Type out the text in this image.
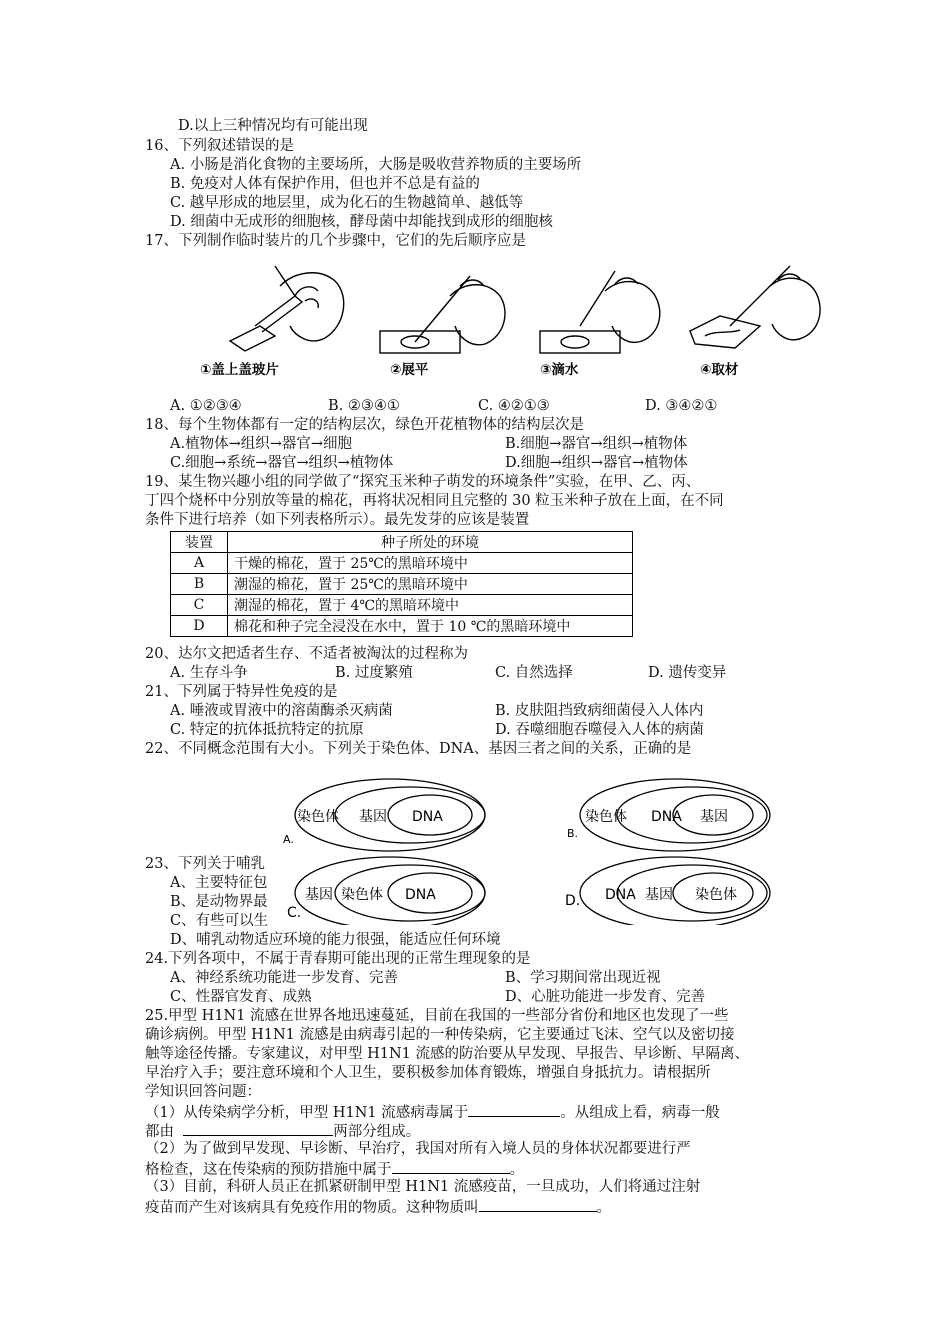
D.以上三种情况均有可能出现
16、下列叙述错误的是
A. 小肠是消化食物的主要场所，大肠是吸收营养物质的主要场所
B. 免疫对人体有保护作用，但也并不总是有益的
C. 越早形成的地层里，成为化石的生物越简单、越低等
D. 细菌中无成形的细胞核，酵母菌中却能找到成形的细胞核
17、下列制作临时装片的几个步骤中，它们的先后顺序应是
①盖上盖玻片	②展平	③滴水	④取材
A. ①②③④	B. ②③④①	C. ④②①③	D. ③④②①
18、每个生物体都有一定的结构层次，绿色开花植物体的结构层次是
A.植物体→组织→器官→细胞	B.细胞→器官→组织→植物体
C.细胞→系统→器官→组织→植物体	D.细胞→组织→器官→植物体
19、某生物兴趣小组的同学做了“探究玉米种子萌发的环境条件”实验，在甲、乙、丙、
丁四个烧杯中分别放等量的棉花，再将状况相同且完整的 30 粒玉米种子放在上面，在不同
条件下进行培养（如下列表格所示）。最先发芽的应该是装置
装置	种子所处的环境
A	干燥的棉花，置于 25℃的黑暗环境中
B	潮湿的棉花，置于 25℃的黑暗环境中
C	潮湿的棉花，置于 4℃的黑暗环境中
D	棉花和种子完全浸没在水中，置于 10 ℃的黑暗环境中
20、达尔文把适者生存、不适者被淘汰的过程称为
A. 生存斗争	B. 过度繁殖	C. 自然选择	D. 遗传变异
21、下列属于特异性免疫的是
A. 唾液或胃液中的溶菌酶杀灭病菌	B. 皮肤阻挡致病细菌侵入人体内
C. 特定的抗体抵抗特定的抗原	D. 吞噬细胞吞噬侵入人体的病菌
22、不同概念范围有大小。下列关于染色体、DNA、基因三者之间的关系，正确的是
23、下列关于哺乳
A、主要特征包
B、是动物界最
C、有些可以生
染色体 基因 DNA
A.
染色体 DNA 基因
B.
基因 染色体 DNA
C.
DNA 基因 染色体
D.
D、哺乳动物适应环境的能力很强，能适应任何环境
24.下列各项中，不属于青春期可能出现的正常生理现象的是
A、神经系统功能进一步发育、完善	B、学习期间常出现近视
C、性器官发育、成熟	D、心脏功能进一步发育、完善
25.甲型 H1N1 流感在世界各地迅速蔓延，目前在我国的一些部分省份和地区也发现了一些
确诊病例。甲型 H1N1 流感是由病毒引起的一种传染病，它主要通过飞沫、空气以及密切接
触等途径传播。专家建议，对甲型 H1N1 流感的防治要从早发现、早报告、早诊断、早隔离、
早治疗入手；要注意环境和个人卫生，要积极参加体育锻炼，增强自身抵抗力。请根据所
学知识回答问题：
（1）从传染病学分析，甲型 H1N1 流感病毒属于	。从组成上看，病毒一般
都由	两部分组成。
（2）为了做到早发现、早诊断、早治疗，我国对所有入境人员的身体状况都要进行严
格检查，这在传染病的预防措施中属于	。
（3）目前，科研人员正在抓紧研制甲型 H1N1 流感疫苗，一旦成功，人们将通过注射
疫苗而产生对该病具有免疫作用的物质。这种物质叫	。
